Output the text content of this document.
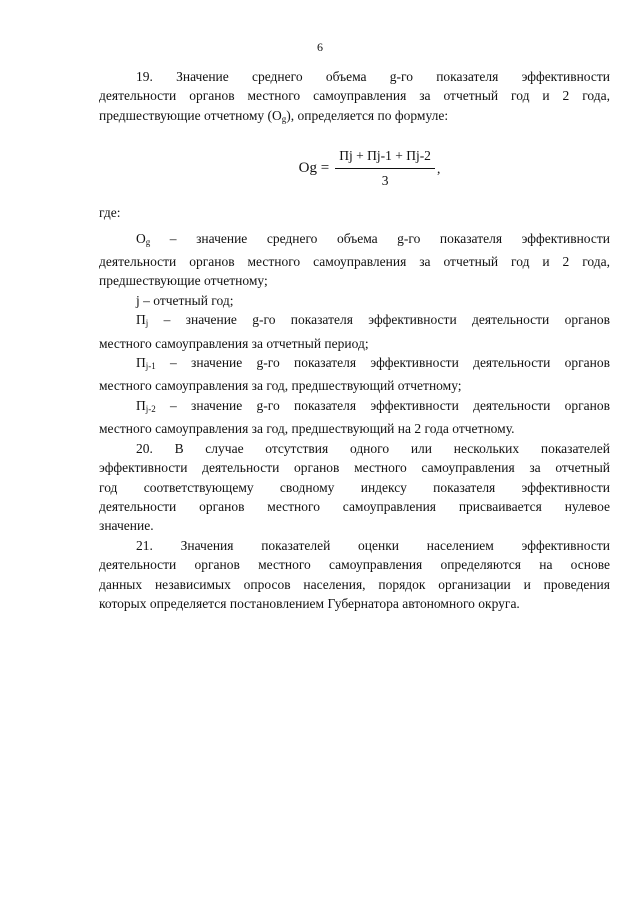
6

19. Значение среднего объема g-го показателя эффективности

деятельности органов местного самоуправления за отчетный год и 2 года,

предшествующие отчетному $(O_g)$, определяется по формуле:

$Og = \frac{Пj + Пj-1 + Пj-2}{3}$ ,

где:

$O_g$ – значение среднего объема g-го показателя эффективности

деятельности органов местного самоуправления за отчетный год и 2 года,

предшествующие отчетному;

j – отчетный год;

$П_j$ – значение g-го показателя эффективности деятельности органов

местного самоуправления за отчетный период;

$П_{j-1}$ – значение g-го показателя эффективности деятельности органов

местного самоуправления за год, предшествующий отчетному;

$П_{j-2}$ – значение g-го показателя эффективности деятельности органов

местного самоуправления за год, предшествующий на 2 года отчетному.

20. В случае отсутствия одного или нескольких показателей

эффективности деятельности органов местного самоуправления за отчетный

год соответствующему сводному индексу показателя эффективности

деятельности органов местного самоуправления присваивается нулевое

значение.

21. Значения показателей оценки населением эффективности

деятельности органов местного самоуправления определяются на основе

данных независимых опросов населения, порядок организации и проведения

которых определяется постановлением Губернатора автономного округа.
